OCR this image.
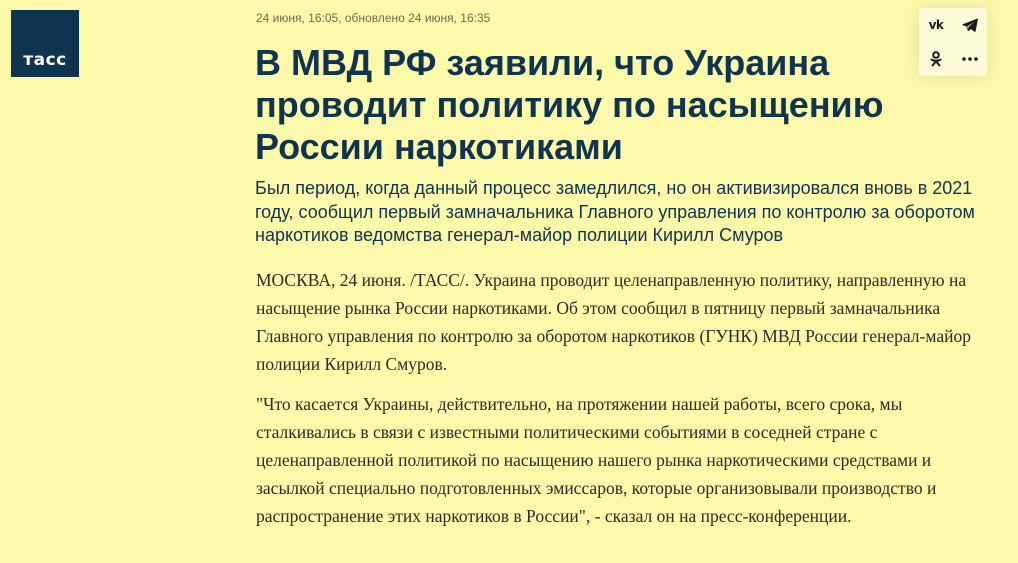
тасс
24 июня, 16:05, обновлено 24 июня, 16:35	vk
В МВД РФ заявили, что Украина проводит политику по насыщению России наркотиками

Был период, когда данный процесс замедлился, но он активизировался вновь в 2021 году, сообщил первый замначальника Главного управления по контролю за оборотом наркотиков ведомства генерал-майор полиции Кирилл Смуров

МОСКВА, 24 июня. /ТАСС/. Украина проводит целенаправленную политику, направленную на насыщение рынка России наркотиками. Об этом сообщил в пятницу первый замначальника Главного управления по контролю за оборотом наркотиков (ГУНК) МВД России генерал-майор полиции Кирилл Смуров.

"Что касается Украины, действительно, на протяжении нашей работы, всего срока, мы сталкивались в связи с известными политическими событиями в соседней стране с целенаправленной политикой по насыщению нашего рынка наркотическими средствами и засылкой специально подготовленных эмиссаров, которые организовывали производство и распространение этих наркотиков в России", - сказал он на пресс-конференции.
